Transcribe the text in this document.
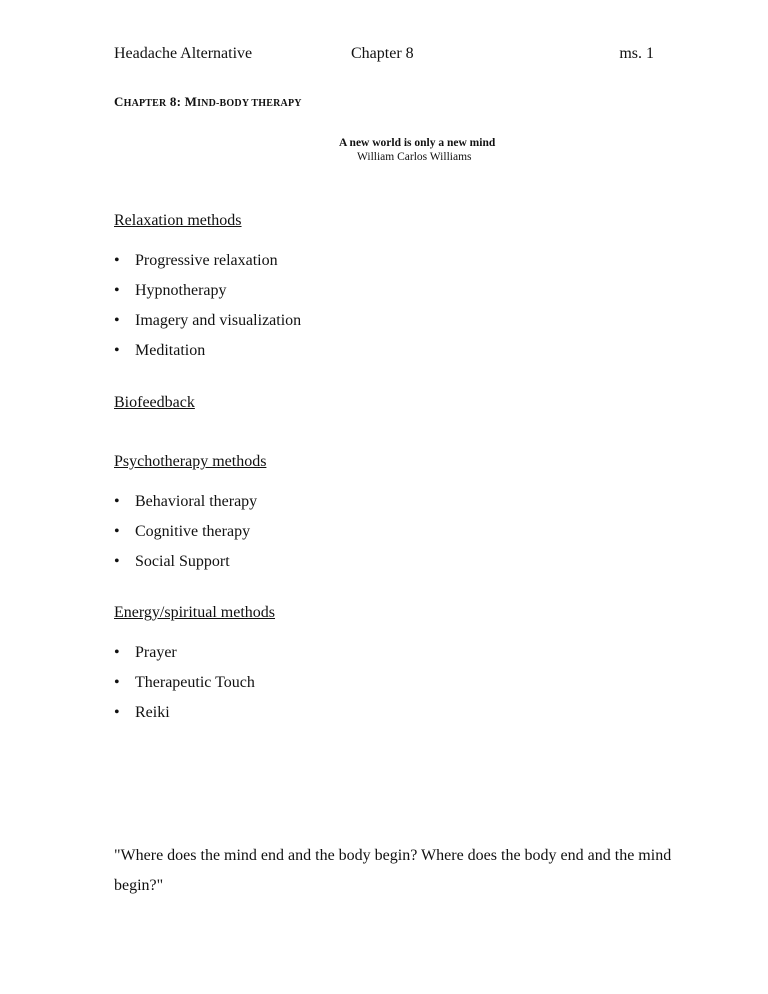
Headache Alternative	Chapter 8	ms. 1
CHAPTER 8: MIND-BODY THERAPY
A new world is only a new mind
William Carlos Williams

Relaxation methods

• Progressive relaxation
• Hypnotherapy
• Imagery and visualization
• Meditation

Biofeedback

Psychotherapy methods

• Behavioral therapy
• Cognitive therapy
• Social Support

Energy/spiritual methods

• Prayer
• Therapeutic Touch
• Reiki

"Where does the mind end and the body begin? Where does the body end and the mind begin?"
